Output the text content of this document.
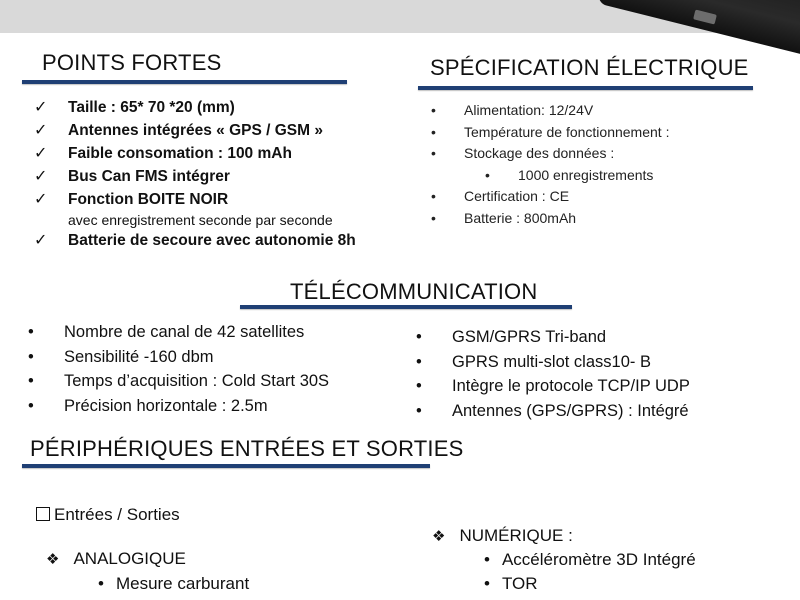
POINTS FORTES
✓ Taille : 65* 70 *20 (mm)
✓ Antennes intégrées « GPS / GSM »
✓ Faible consomation : 100 mAh
✓ Bus Can FMS intégrer
✓ Fonction BOITE NOIR
avec enregistrement seconde par seconde
✓ Batterie de secoure avec autonomie 8h
SPÉCIFICATION ÉLECTRIQUE
• Alimentation: 12/24V
• Température de fonctionnement :
• Stockage des données :
• 1000 enregistrements
• Certification : CE
• Batterie : 800mAh
TÉLÉCOMMUNICATION
• Nombre de canal de 42 satellites
• Sensibilité -160 dbm
• Temps d’acquisition : Cold Start 30S
• Précision horizontale : 2.5m
• GSM/GPRS Tri-band
• GPRS multi-slot class10- B
• Intègre le protocole TCP/IP UDP
• Antennes (GPS/GPRS) : Intégré
PÉRIPHÉRIQUES ENTRÉES ET SORTIES
Entrées / Sorties
❖ ANALOGIQUE
• Mesure carburant
❖ NUMÉRIQUE :
• Accéléromètre 3D Intégré
• TOR
